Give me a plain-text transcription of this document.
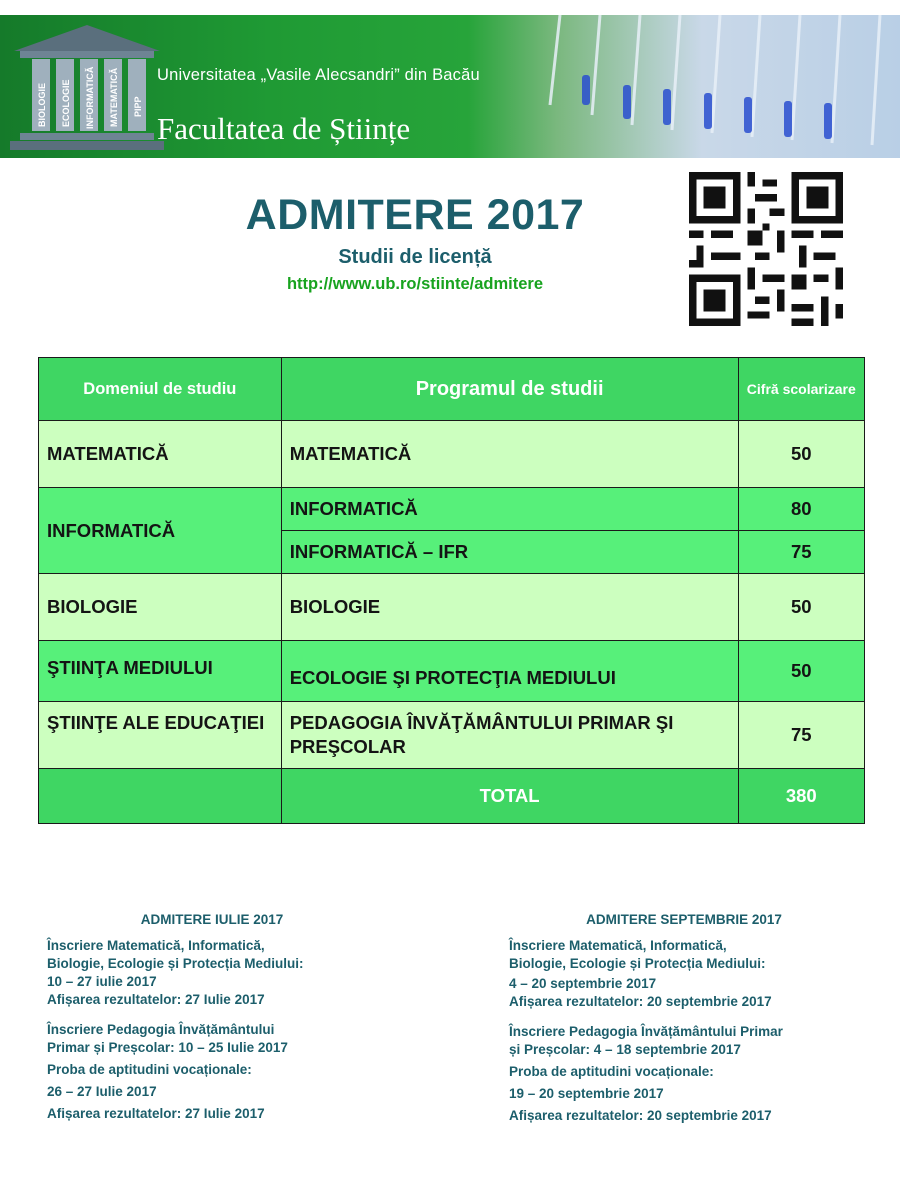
BIOLOGIE ECOLOGIE INFORMATICĂ MATEMATICĂ PIPP
Universitatea „Vasile Alecsandri” din Bacău
Facultatea de Științe
ADMITERE 2017
Studii de licență
http://www.ub.ro/stiinte/admitere
Domeniul de studiu	Programul de studii	Cifră scolarizare
MATEMATICĂ	MATEMATICĂ	50
INFORMATICĂ	INFORMATICĂ	80
	INFORMATICĂ – IFR	75
BIOLOGIE	BIOLOGIE	50
ŞTIINŢA MEDIULUI	ECOLOGIE ŞI PROTECŢIA MEDIULUI	50
ŞTIINŢE ALE EDUCAŢIEI	PEDAGOGIA ÎNVĂŢĂMÂNTULUI PRIMAR ŞI PREŞCOLAR	75
	TOTAL	380
ADMITERE IULIE 2017

Înscriere Matematică, Informatică,

Biologie, Ecologie și Protecția Mediului:

10 – 27 iulie 2017

Afișarea rezultatelor: 27 Iulie 2017

Înscriere Pedagogia Învățământului

Primar și Preșcolar: 10 – 25 Iulie 2017

Proba de aptitudini vocaționale:

26 – 27 Iulie 2017

Afișarea rezultatelor: 27 Iulie 2017

ADMITERE SEPTEMBRIE 2017

Înscriere Matematică, Informatică,

Biologie, Ecologie și Protecția Mediului:

4 – 20 septembrie 2017

Afișarea rezultatelor: 20 septembrie 2017

Înscriere Pedagogia Învățământului Primar

și Preșcolar: 4 – 18 septembrie 2017

Proba de aptitudini vocaționale:

19 – 20 septembrie 2017

Afișarea rezultatelor: 20 septembrie 2017
